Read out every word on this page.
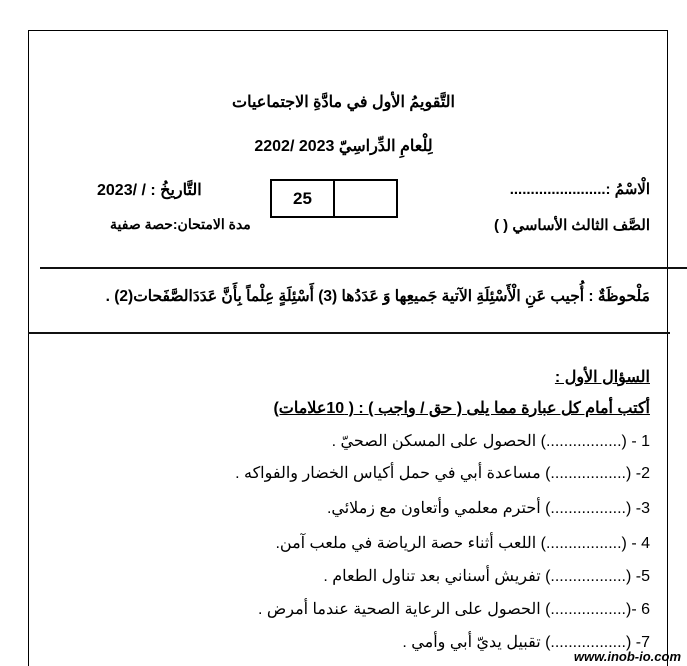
التَّقويمُ الأول في مادَّةِ الاجتماعيات
لِلْعامِ الدِّراسِيّ 2023 /2202
التَّاريخُ : / /2023	25	الْاسْمُ :.......................
مدة الامتحان:حصة صفية	الصَّف الثالث الأساسي ( )
مَلْحوظَةٌ : أُجيب عَنِ الْأَسْئِلَةِ الآتية جَميعِها وَ عَدَدُها (3) أَسْئِلَةٍ عِلْماً بِأَنَّ عَدَدَالصَّفَحات(2) .
السؤال الأول :
أكتب أمام كل عبارة مما يلى ( حق / واجب ) : ( 10علامات)
1 - (.................) الحصول على المسكن الصحيّ .
2- (.................) مساعدة أبي في حمل أكياس الخضار والفواكه .
3- (.................) أحترم معلمي وأتعاون مع زملائي.
4 - (.................) اللعب أثناء حصة الرياضة في ملعب آمن.
5- (.................) تفريش أسناني بعد تناول الطعام .
6 -(.................) الحصول على الرعاية الصحية عندما أمرض .
7- (.................) تقبيل يديّ أبي وأمي .
www.inob-io.com
